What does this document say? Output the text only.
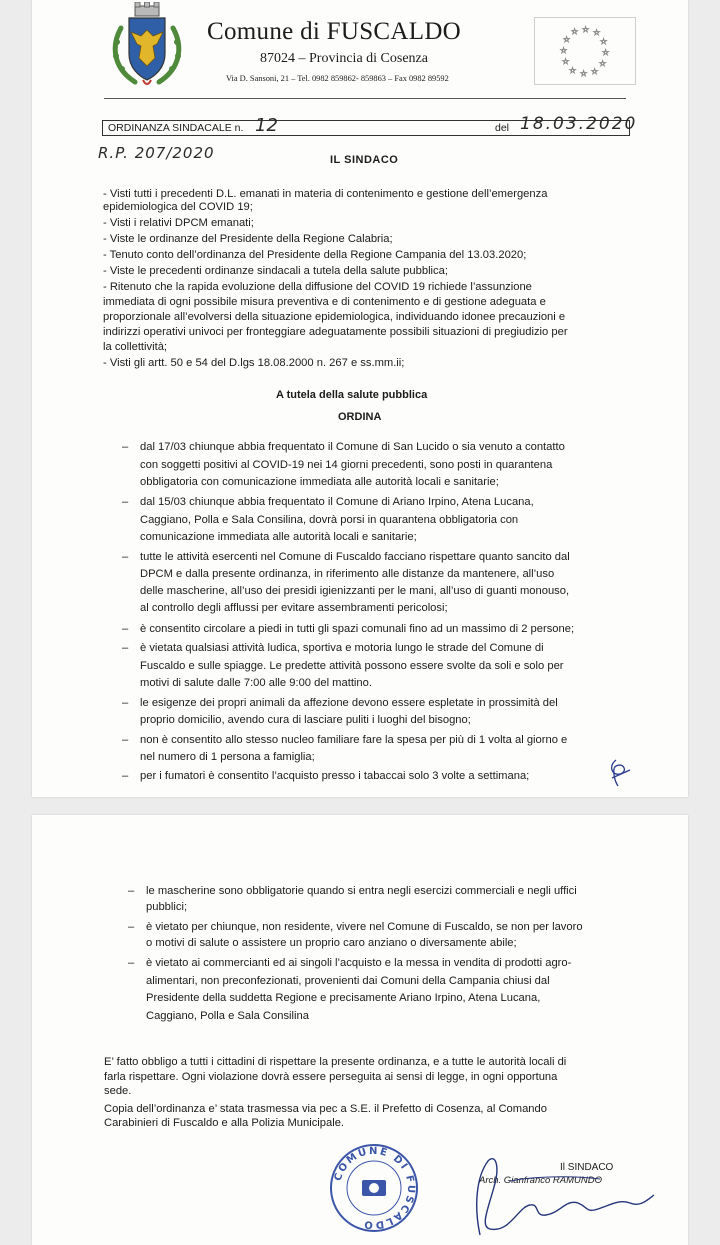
Comune di FUSCALDO
87024 – Provincia di Cosenza
Via D. Sansoni, 21 – Tel. 0982 859862- 859863 – Fax 0982 89592
☆ ☆
☆
☆
☆
☆
☆
☆
☆
☆
☆
☆
ORDINANZA SINDACALE n. 12	del 18.03.2020
R.P. 207/2020	IL SINDACO
- Visti tutti i precedenti D.L. emanati in materia di contenimento e gestione dell’emergenza
epidemiologica del COVID 19;
- Visti i relativi DPCM emanati;
- Viste le ordinanze del Presidente della Regione Calabria;
- Tenuto conto dell’ordinanza del Presidente della Regione Campania del 13.03.2020;
- Viste le precedenti ordinanze sindacali a tutela della salute pubblica;
- Ritenuto che la rapida evoluzione della diffusione del COVID 19 richiede l’assunzione
immediata di ogni possibile misura preventiva e di contenimento e di gestione adeguata e
proporzionale all’evolversi della situazione epidemiologica, individuando idonee precauzioni e
indirizzi operativi univoci per fronteggiare adeguatamente possibili situazioni di pregiudizio per
la collettività;
- Visti gli artt. 50 e 54 del D.lgs 18.08.2000 n. 267 e ss.mm.ii;
A tutela della salute pubblica
ORDINA
– dal 17/03 chiunque abbia frequentato il Comune di San Lucido o sia venuto a contatto
con soggetti positivi al COVID-19 nei 14 giorni precedenti, sono posti in quarantena
obbligatoria con comunicazione immediata alle autorità locali e sanitarie;
– dal 15/03 chiunque abbia frequentato il Comune di Ariano Irpino, Atena Lucana,
Caggiano, Polla e Sala Consilina, dovrà porsi in quarantena obbligatoria con
comunicazione immediata alle autorità locali e sanitarie;
– tutte le attività esercenti nel Comune di Fuscaldo facciano rispettare quanto sancito dal
DPCM e dalla presente ordinanza, in riferimento alle distanze da mantenere, all’uso
delle mascherine, all’uso dei presidi igienizzanti per le mani, all’uso di guanti monouso,
al controllo degli afflussi per evitare assembramenti pericolosi;
– è consentito circolare a piedi in tutti gli spazi comunali fino ad un massimo di 2 persone;
– è vietata qualsiasi attività ludica, sportiva e motoria lungo le strade del Comune di
Fuscaldo e sulle spiagge. Le predette attività possono essere svolte da soli e solo per
motivi di salute dalle 7:00 alle 9:00 del mattino.
– le esigenze dei propri animali da affezione devono essere espletate in prossimità del
proprio domicilio, avendo cura di lasciare puliti i luoghi del bisogno;
– non è consentito allo stesso nucleo familiare fare la spesa per più di 1 volta al giorno e
nel numero di 1 persona a famiglia;
– per i fumatori è consentito l’acquisto presso i tabaccai solo 3 volte a settimana;
– le mascherine sono obbligatorie quando si entra negli esercizi commerciali e negli uffici
pubblici;
– è vietato per chiunque, non residente, vivere nel Comune di Fuscaldo, se non per lavoro
o motivi di salute o assistere un proprio caro anziano o diversamente abile;
– è vietato ai commercianti ed ai singoli l’acquisto e la messa in vendita di prodotti agro-
alimentari, non preconfezionati, provenienti dai Comuni della Campania chiusi dal
Presidente della suddetta Regione e precisamente Ariano Irpino, Atena Lucana,
Caggiano, Polla e Sala Consilina
E’ fatto obbligo a tutti i cittadini di rispettare la presente ordinanza, e a tutte le autorità locali di
farla rispettare. Ogni violazione dovrà essere perseguita ai sensi di legge, in ogni opportuna
sede.
Copia dell’ordinanza e’ stata trasmessa via pec a S.E. il Prefetto di Cosenza, al Comando
Carabinieri di Fuscaldo e alla Polizia Municipale.
COMUNE DI FUSCALDO
Il SINDACO
Arch. Gianfranco RAMUNDO
